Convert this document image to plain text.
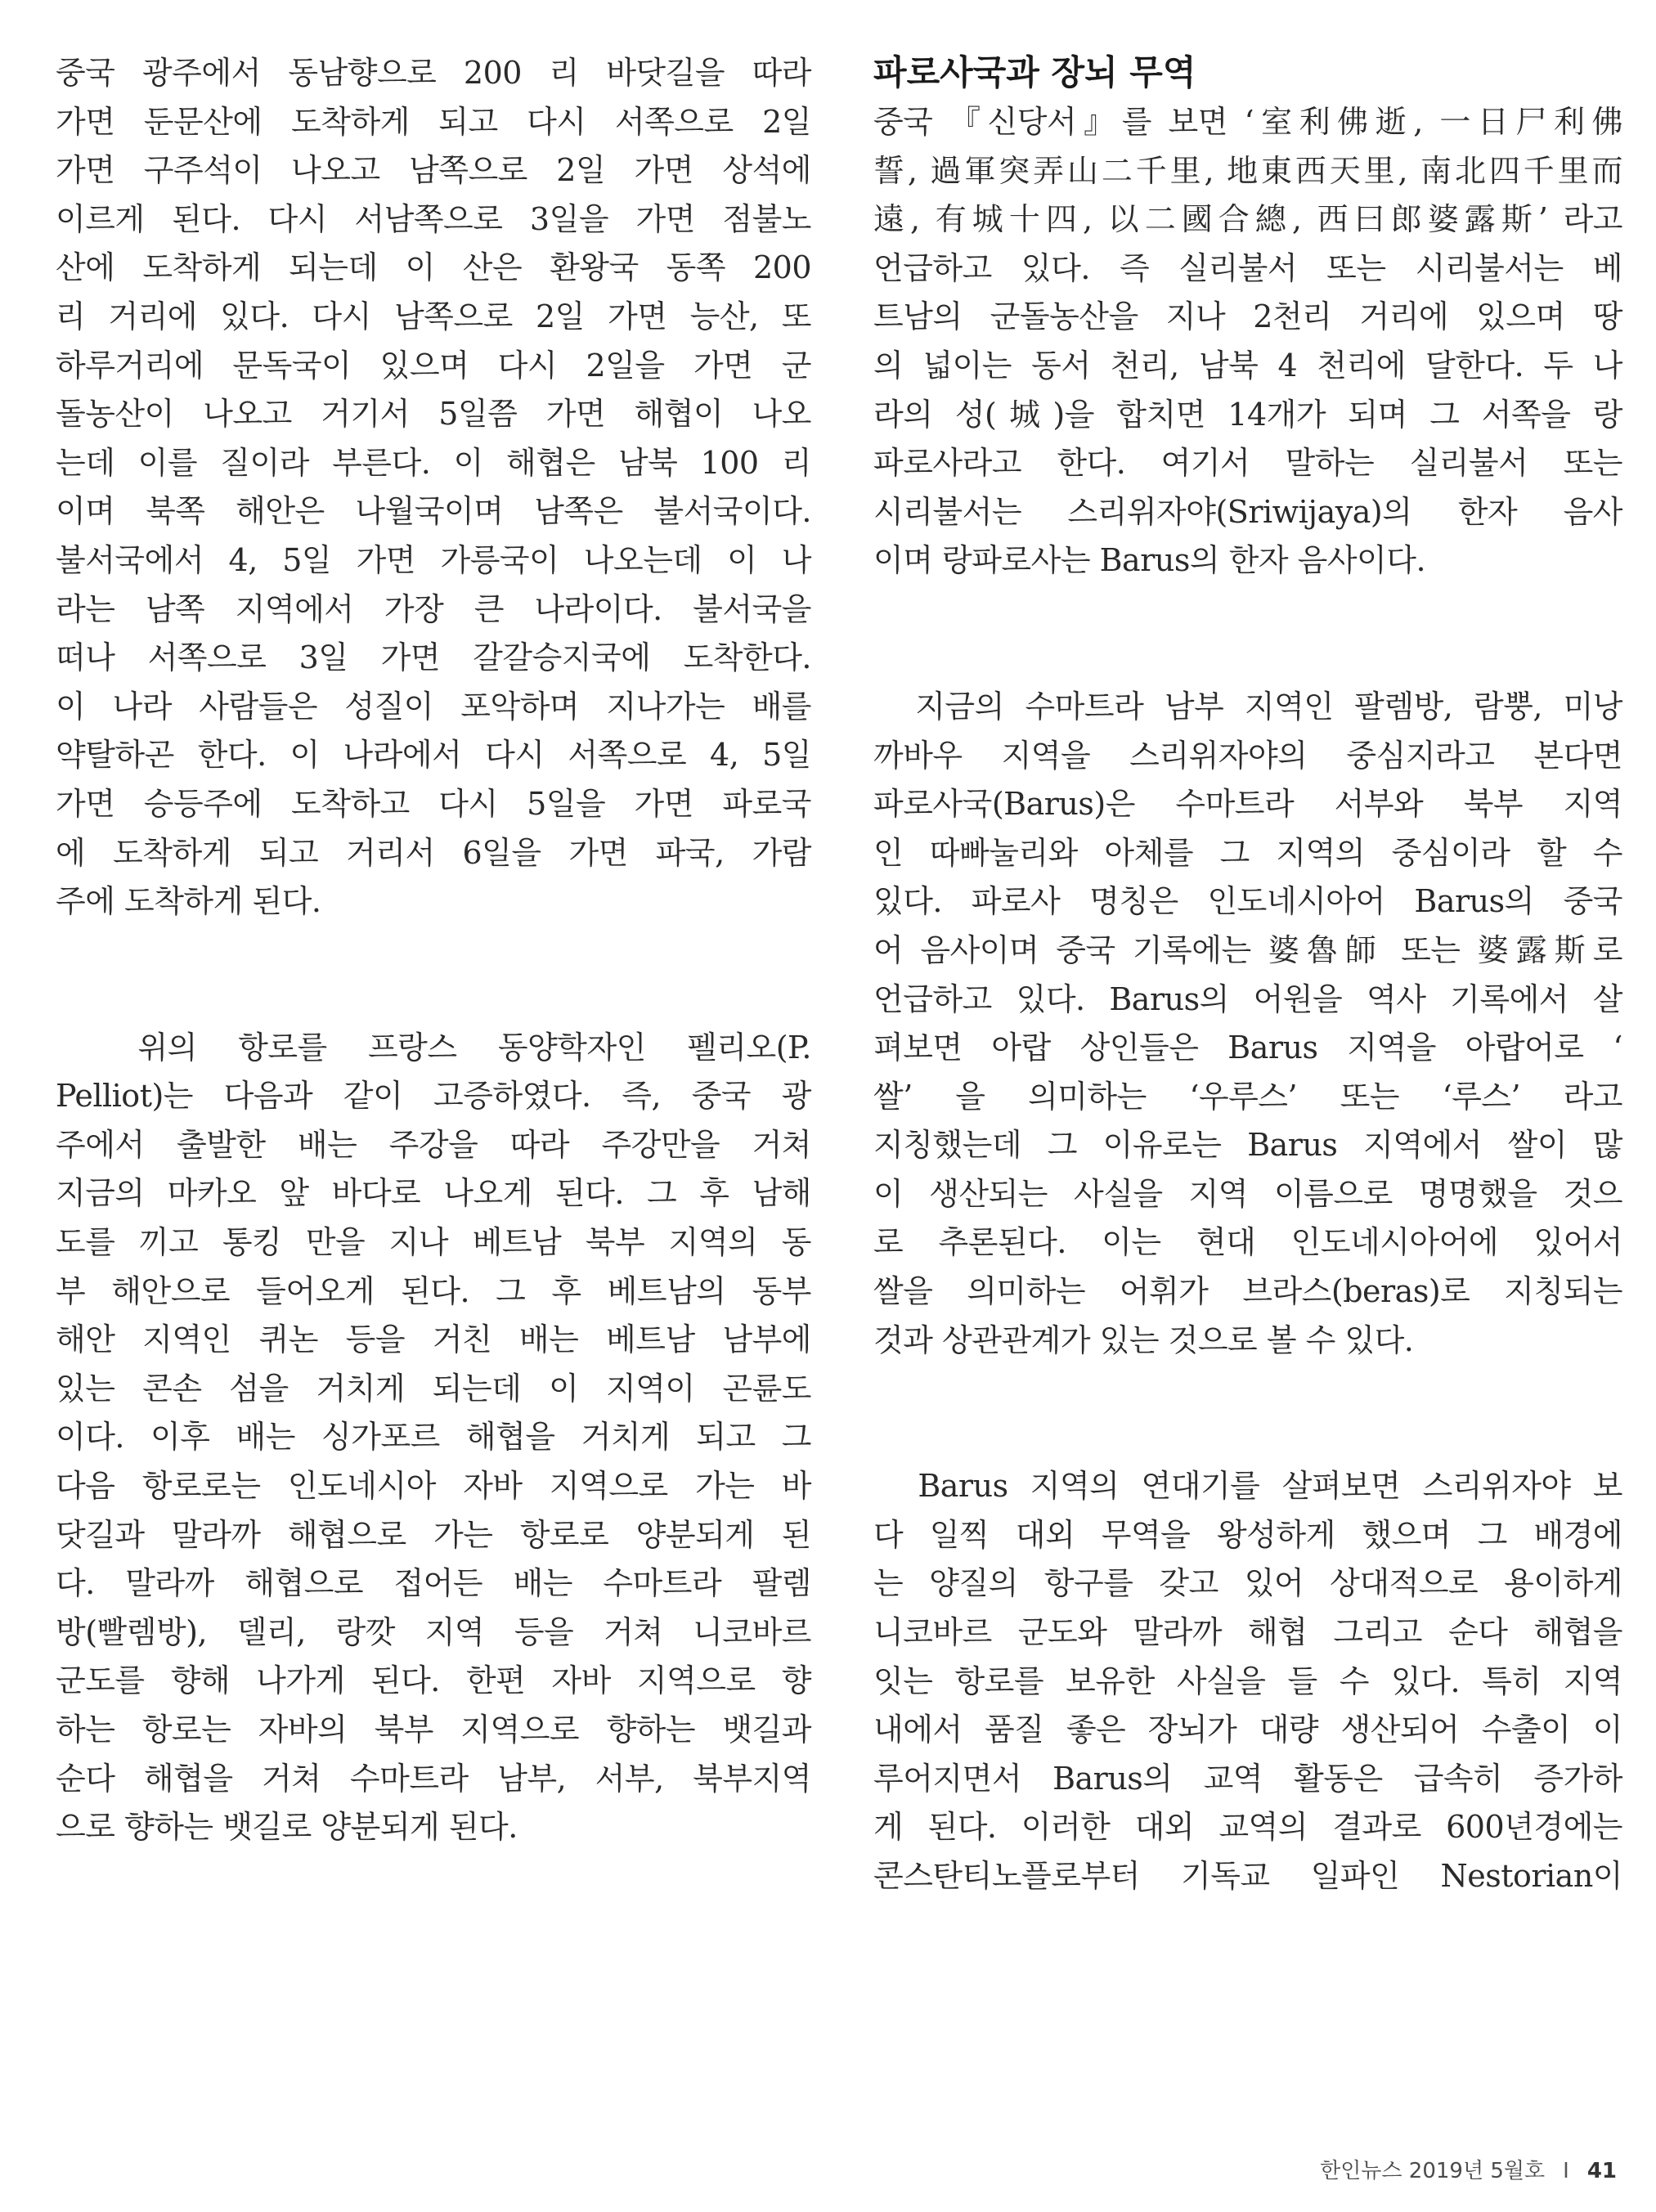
중국 광주에서 동남향으로 200 리 바닷길을 따라
가면 둔문산에 도착하게 되고 다시 서쪽으로 2일
가면 구주석이 나오고 남쪽으로 2일 가면 상석에
이르게 된다. 다시 서남쪽으로 3일을 가면 점불노
산에 도착하게 되는데 이 산은 환왕국 동쪽 200
리 거리에 있다. 다시 남쪽으로 2일 가면 능산, 또
하루거리에 문독국이 있으며 다시 2일을 가면 군
돌농산이 나오고 거기서 5일쯤 가면 해협이 나오
는데 이를 질이라 부른다. 이 해협은 남북 100 리
이며 북쪽 해안은 나월국이며 남쪽은 불서국이다.
불서국에서 4, 5일 가면 가릉국이 나오는데 이 나
라는 남쪽 지역에서 가장 큰 나라이다. 불서국을
떠나 서쪽으로 3일 가면 갈갈승지국에 도착한다.
이 나라 사람들은 성질이 포악하며 지나가는 배를
약탈하곤 한다. 이 나라에서 다시 서쪽으로 4, 5일
가면 승등주에 도착하고 다시 5일을 가면 파로국
에 도착하게 되고 거리서 6일을 가면 파국, 가람
주에 도착하게 된다.
위의 항로를 프랑스 동양학자인 펠리오(P.
Pelliot)는 다음과 같이 고증하였다. 즉, 중국 광
주에서 출발한 배는 주강을 따라 주강만을 거쳐
지금의 마카오 앞 바다로 나오게 된다. 그 후 남해
도를 끼고 통킹 만을 지나 베트남 북부 지역의 동
부 해안으로 들어오게 된다. 그 후 베트남의 동부
해안 지역인 퀴논 등을 거친 배는 베트남 남부에
있는 콘손 섬을 거치게 되는데 이 지역이 곤륜도
이다. 이후 배는 싱가포르 해협을 거치게 되고 그
다음 항로로는 인도네시아 자바 지역으로 가는 바
닷길과 말라까 해협으로 가는 항로로 양분되게 된
다. 말라까 해협으로 접어든 배는 수마트라 팔렘
방(빨렘방), 델리, 랑깟 지역 등을 거쳐 니코바르
군도를 향해 나가게 된다. 한편 자바 지역으로 향
하는 항로는 자바의 북부 지역으로 향하는 뱃길과
순다 해협을 거쳐 수마트라 남부, 서부, 북부지역
으로 향하는 뱃길로 양분되게 된다.
파로사국과 장뇌 무역
중국 『신당서』를 보면 ‘室利佛逝, 一日尸利佛
誓, 過軍突弄山二千里, 地東西天里, 南北四千里而
遠, 有城十四, 以二國合總, 西曰郎婆露斯’ 라고
언급하고 있다. 즉 실리불서 또는 시리불서는 베
트남의 군돌농산을 지나 2천리 거리에 있으며 땅
의 넓이는 동서 천리, 남북 4 천리에 달한다. 두 나
라의 성(城)을 합치면 14개가 되며 그 서쪽을 랑
파로사라고 한다. 여기서 말하는 실리불서 또는
시리불서는 스리위자야(Sriwijaya)의 한자 음사
이며 랑파로사는 Barus의 한자 음사이다.
지금의 수마트라 남부 지역인 팔렘방, 람뿡, 미낭
까바우 지역을 스리위자야의 중심지라고 본다면
파로사국(Barus)은 수마트라 서부와 북부 지역
인 따빠눌리와 아체를 그 지역의 중심이라 할 수
있다. 파로사 명칭은 인도네시아어 Barus의 중국
어 음사이며 중국 기록에는 婆魯師 또는 婆露斯로
언급하고 있다. Barus의 어원을 역사 기록에서 살
펴보면 아랍 상인들은 Barus 지역을 아랍어로 ‘
쌀’ 을 의미하는 ‘우루스’ 또는 ‘루스’ 라고
지칭했는데 그 이유로는 Barus 지역에서 쌀이 많
이 생산되는 사실을 지역 이름으로 명명했을 것으
로 추론된다. 이는 현대 인도네시아어에 있어서
쌀을 의미하는 어휘가 브라스(beras)로 지칭되는
것과 상관관계가 있는 것으로 볼 수 있다.
Barus 지역의 연대기를 살펴보면 스리위자야 보
다 일찍 대외 무역을 왕성하게 했으며 그 배경에
는 양질의 항구를 갖고 있어 상대적으로 용이하게
니코바르 군도와 말라까 해협 그리고 순다 해협을
잇는 항로를 보유한 사실을 들 수 있다. 특히 지역
내에서 품질 좋은 장뇌가 대량 생산되어 수출이 이
루어지면서 Barus의 교역 활동은 급속히 증가하
게 된다. 이러한 대외 교역의 결과로 600년경에는
콘스탄티노플로부터 기독교 일파인 Nestorian이
한인뉴스 2019년 5월호 I 41
